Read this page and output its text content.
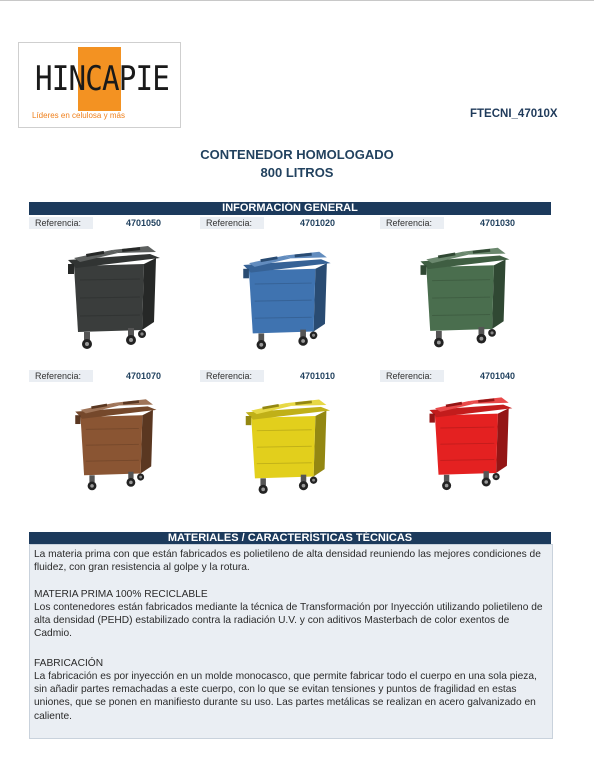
HINCAPIE
Líderes en celulosa y más	FTECNI_47010X
CONTENEDOR HOMOLOGADO
800 LITROS
INFORMACIÓN GENERAL
Referencia:	4701050	Referencia:	4701020	Referencia:	4701030
Referencia:	4701070	Referencia:	4701010	Referencia:	4701040
MATERIALES / CARACTERÍSTICAS TÉCNICAS

La materia prima con que están fabricados es polietileno de alta densidad reuniendo las mejores condiciones de fluidez, con gran resistencia al golpe y la rotura.

MATERIA PRIMA 100% RECICLABLE

Los contenedores están fabricados mediante la técnica de Transformación por Inyección utilizando polietileno de alta densidad (PEHD) estabilizado contra la radiación U.V. y con aditivos Masterbach de color exentos de Cadmio.

FABRICACIÓN

La fabricación es por inyección en un molde monocasco, que permite fabricar todo el cuerpo en una sola pieza, sin añadir partes remachadas a este cuerpo, con lo que se evitan tensiones y puntos de fragilidad en estas uniones, que se ponen en manifiesto durante su uso. Las partes metálicas se realizan en acero galvanizado en caliente.
